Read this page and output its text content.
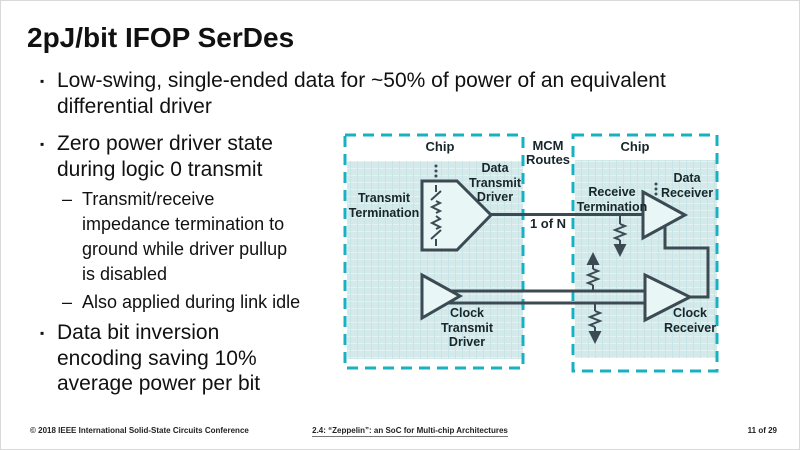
2pJ/bit IFOP SerDes
▪ Low-swing, single-ended data for ~50% of power of an equivalent
differential driver
▪ Zero power driver state
during logic 0 transmit
– Transmit/receive
impedance termination to
ground while driver pullup
is disabled
– Also applied during link idle
▪ Data bit inversion
encoding saving 10%
average power per bit
Chip	Chip
MCM
Routes
1 of N
Transmit
Termination
Data
Transmit
Driver	Receive
Termination
Data
Receiver
Clock
Transmit
Driver
Clock
Receiver
© 2018 IEEE International Solid-State Circuits Conference	2.4: “Zeppelin”: an SoC for Multi-chip Architectures	11 of 29
